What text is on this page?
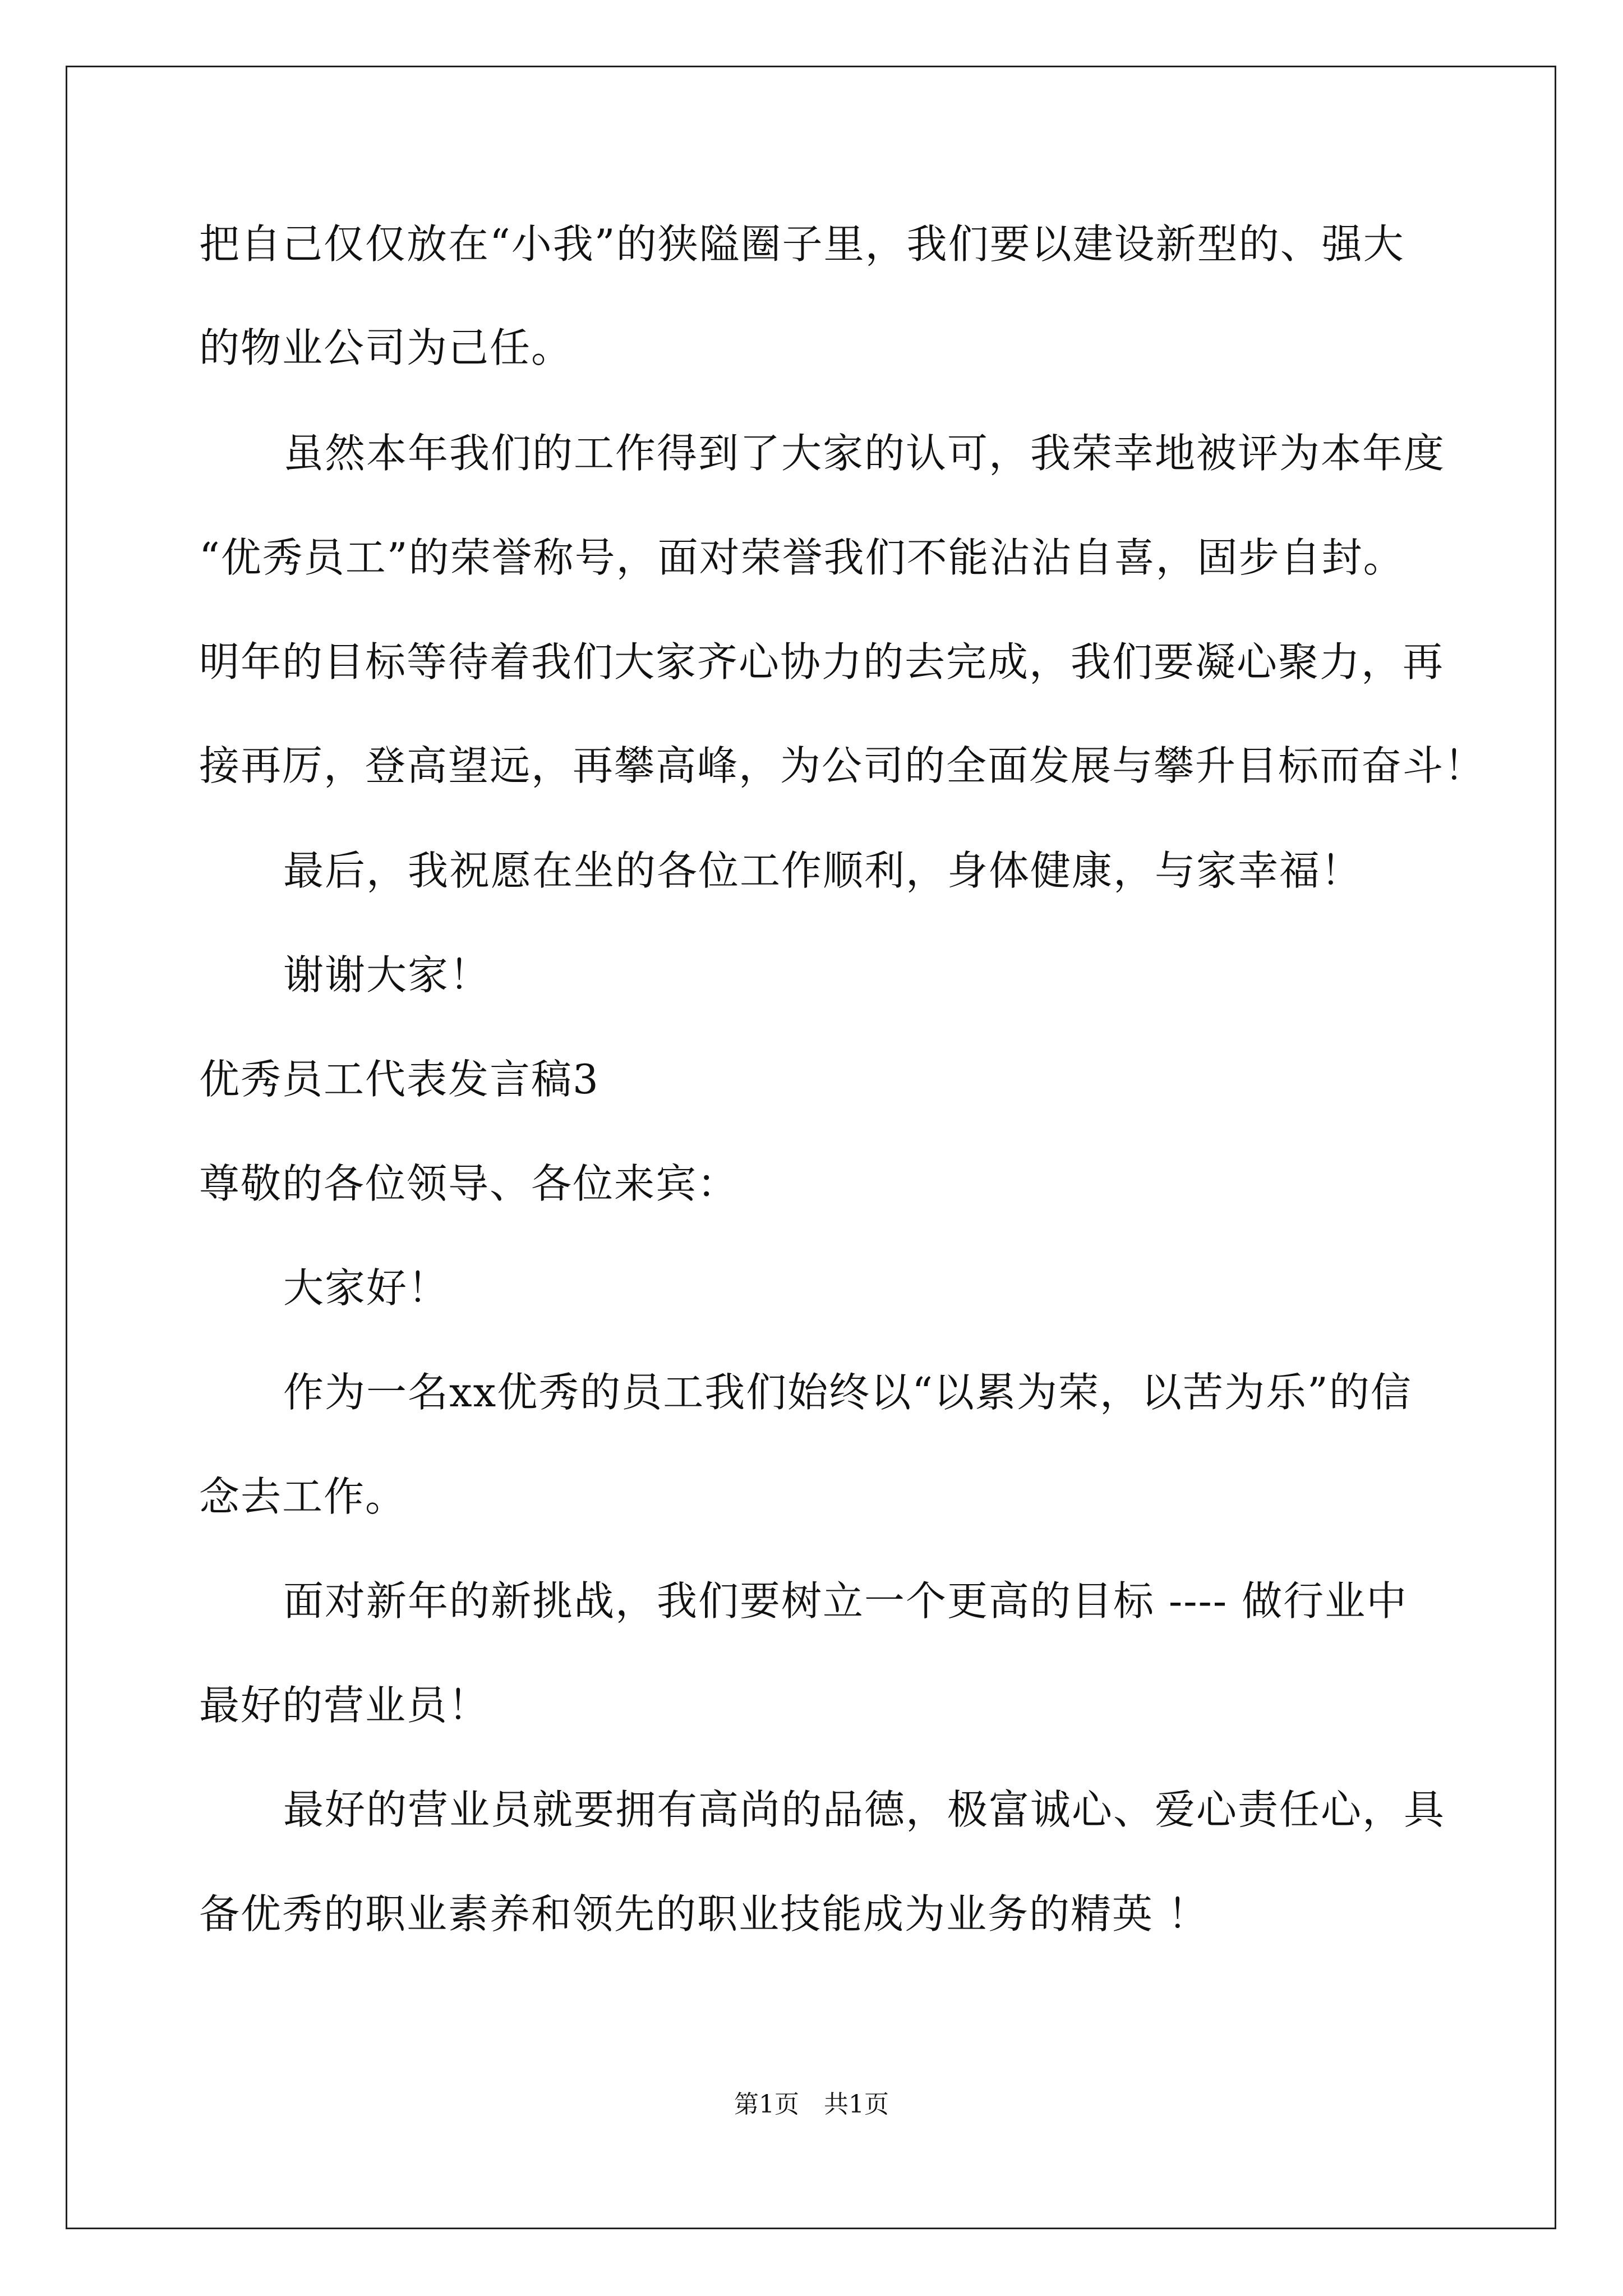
把自己仅仅放在“小我”的狭隘圈子里，我们要以建设新型的、强大
的物业公司为己任。
虽然本年我们的工作得到了大家的认可，我荣幸地被评为本年度
“优秀员工”的荣誉称号，面对荣誉我们不能沾沾自喜，固步自封。
明年的目标等待着我们大家齐心协力的去完成，我们要凝心聚力，再
接再厉，登高望远，再攀高峰，为公司的全面发展与攀升目标而奋斗！
最后，我祝愿在坐的各位工作顺利，身体健康，与家幸福！
谢谢大家！
优秀员工代表发言稿3
尊敬的各位领导、各位来宾：
大家好！
作为一名xx优秀的员工我们始终以“以累为荣，以苦为乐”的信
念去工作。
面对新年的新挑战，我们要树立一个更高的目标 ---- 做行业中
最好的营业员！
最好的营业员就要拥有高尚的品德，极富诚心、爱心责任心，具
备优秀的职业素养和领先的职业技能成为业务的精英 ！
第1页　共1页
